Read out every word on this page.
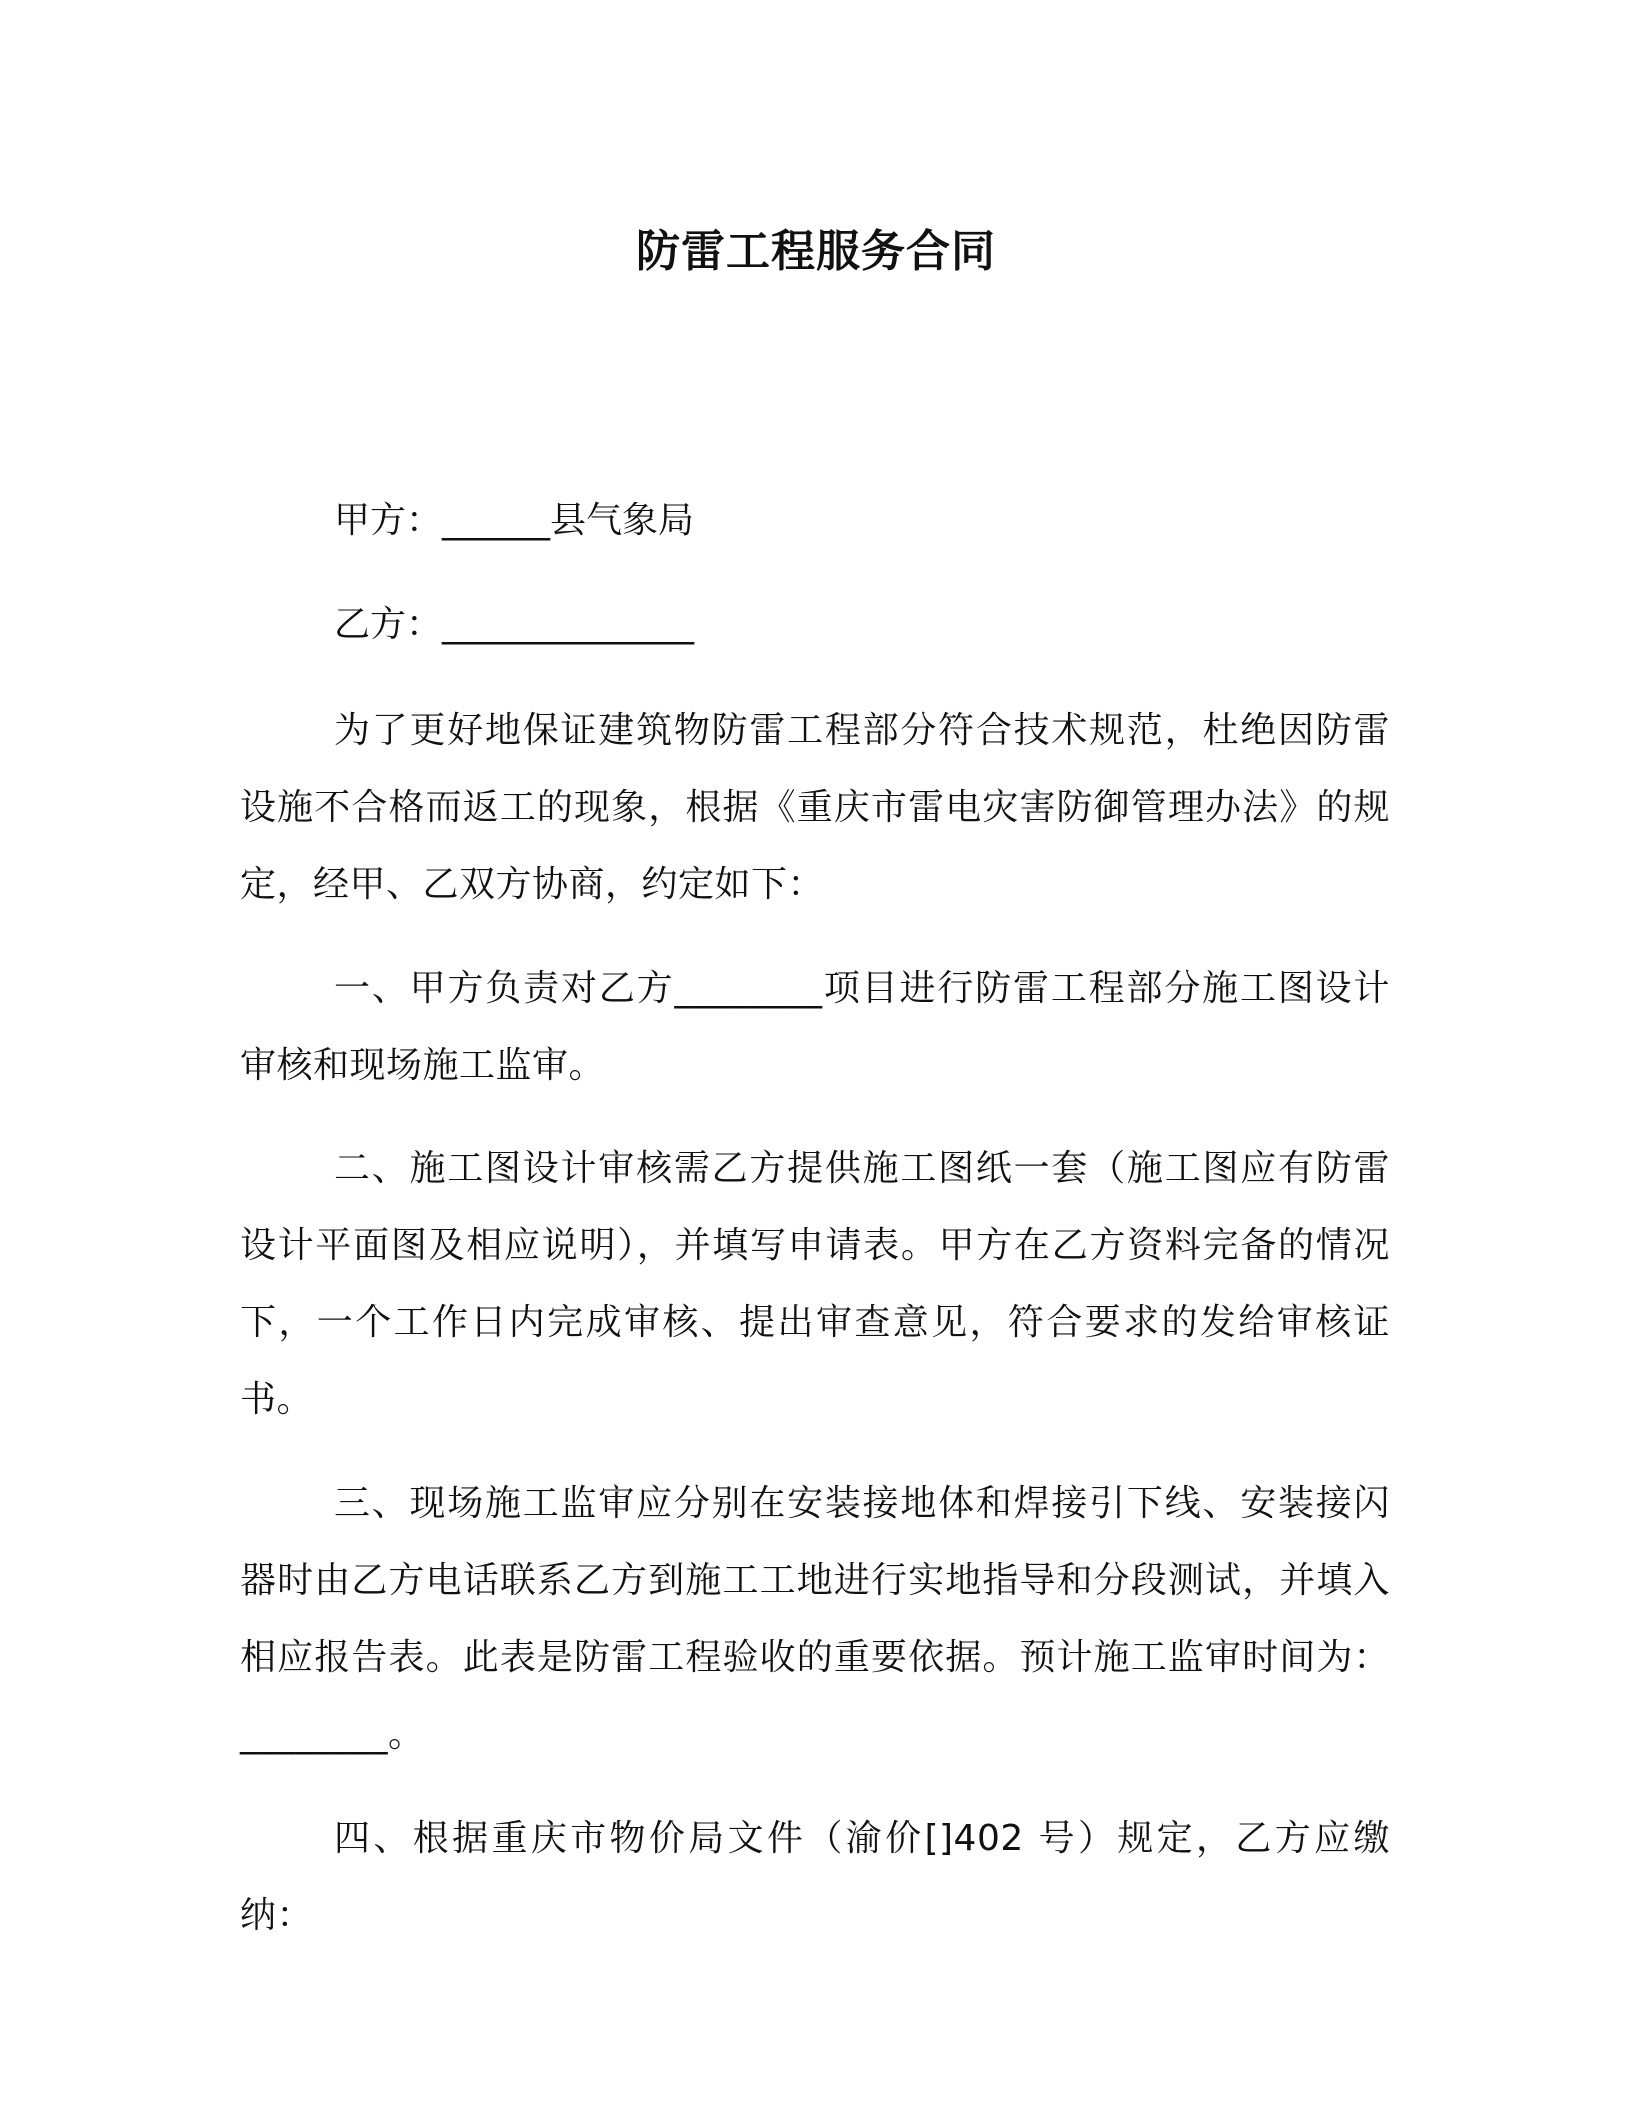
防雷工程服务合同
甲方：______县气象局
乙方：______________

为了更好地保证建筑物防雷工程部分符合技术规范，杜绝因防雷设施不合格而返工的现象，根据《重庆市雷电灾害防御管理办法》的规定，经甲、乙双方协商，约定如下：

一、甲方负责对乙方________项目进行防雷工程部分施工图设计审核和现场施工监审。

二、施工图设计审核需乙方提供施工图纸一套（施工图应有防雷设计平面图及相应说明），并填写申请表。甲方在乙方资料完备的情况下，一个工作日内完成审核、提出审查意见，符合要求的发给审核证书。

三、现场施工监审应分别在安装接地体和焊接引下线、安装接闪器时由乙方电话联系乙方到施工工地进行实地指导和分段测试，并填入相应报告表。此表是防雷工程验收的重要依据。预计施工监审时间为：________。

四、根据重庆市物价局文件（渝价[]402 号）规定，乙方应缴纳：
